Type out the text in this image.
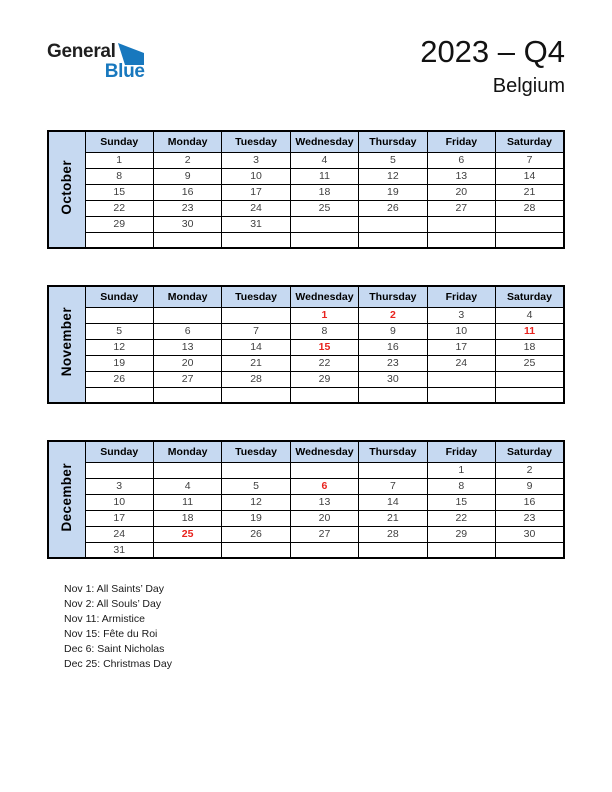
General
Blue
2023 – Q4
Belgium
October	Sunday	Monday	Tuesday	Wednesday	Thursday	Friday	Saturday
	1	2	3	4	5	6	7
	8	9	10	11	12	13	14
	15	16	17	18	19	20	21
	22	23	24	25	26	27	28
	29	30	31				

November	Sunday	Monday	Tuesday	Wednesday	Thursday	Friday	Saturday
				1	2	3	4
	5	6	7	8	9	10	11
	12	13	14	15	16	17	18
	19	20	21	22	23	24	25
	26	27	28	29	30		

December	Sunday	Monday	Tuesday	Wednesday	Thursday	Friday	Saturday
						1	2
	3	4	5	6	7	8	9
	10	11	12	13	14	15	16
	17	18	19	20	21	22	23
	24	25	26	27	28	29	30
	31						
Nov 1: All Saints’ Day
Nov 2: All Souls’ Day
Nov 11: Armistice
Nov 15: Fête du Roi
Dec 6: Saint Nicholas
Dec 25: Christmas Day
